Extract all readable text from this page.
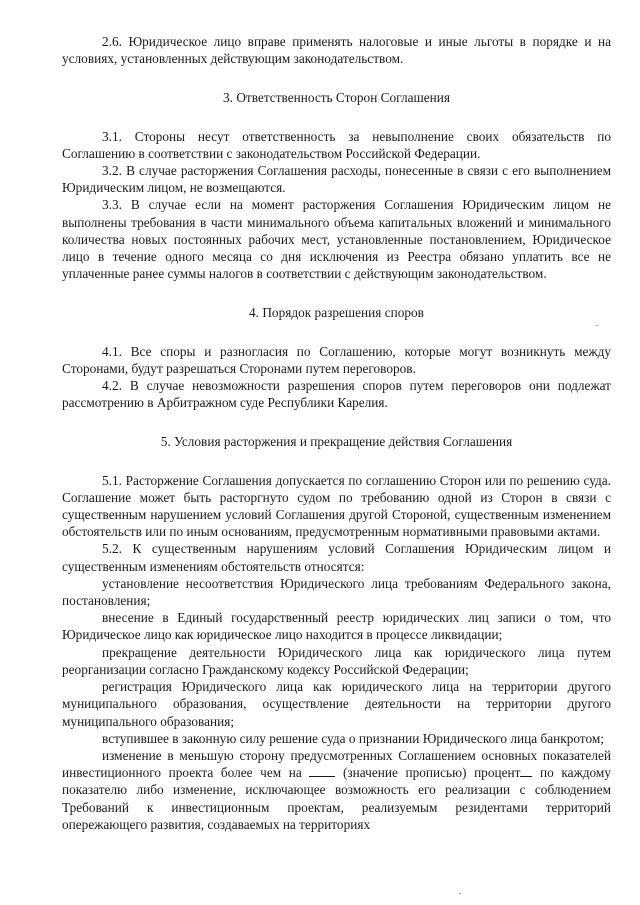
2.6. Юридическое лицо вправе применять налоговые и иные льготы в порядке и на условиях, установленных действующим законодательством.

3. Ответственность Сторон Соглашения

3.1. Стороны несут ответственность за невыполнение своих обязательств по Соглашению в соответствии с законодательством Российской Федерации.

3.2. В случае расторжения Соглашения расходы, понесенные в связи с его выполнением Юридическим лицом, не возмещаются.

3.3. В случае если на момент расторжения Соглашения Юридическим лицом не выполнены требования в части минимального объема капитальных вложений и минимального количества новых постоянных рабочих мест, установленные постановлением, Юридическое лицо в течение одного месяца со дня исключения из Реестра обязано уплатить все не уплаченные ранее суммы налогов в соответствии с действующим законодательством.

4. Порядок разрешения споров

4.1. Все споры и разногласия по Соглашению, которые могут возникнуть между Сторонами, будут разрешаться Сторонами путем переговоров.

4.2. В случае невозможности разрешения споров путем переговоров они подлежат рассмотрению в Арбитражном суде Республики Карелия.

5. Условия расторжения и прекращение действия Соглашения

5.1. Расторжение Соглашения допускается по соглашению Сторон или по решению суда. Соглашение может быть расторгнуто судом по требованию одной из Сторон в связи с существенным нарушением условий Соглашения другой Стороной, существенным изменением обстоятельств или по иным основаниям, предусмотренным нормативными правовыми актами.

5.2. К существенным нарушениям условий Соглашения Юридическим лицом и существенным изменениям обстоятельств относятся:

установление несоответствия Юридического лица требованиям Федерального закона, постановления;

внесение в Единый государственный реестр юридических лиц записи о том, что Юридическое лицо как юридическое лицо находится в процессе ликвидации;

прекращение деятельности Юридического лица как юридического лица путем реорганизации согласно Гражданскому кодексу Российской Федерации;

регистрация Юридического лица как юридического лица на территории другого муниципального образования, осуществление деятельности на территории другого муниципального образования;

вступившее в законную силу решение суда о признании Юридического лица банкротом;

изменение в меньшую сторону предусмотренных Соглашением основных показателей инвестиционного проекта более чем на	(значение прописью) процент по каждому показателю либо изменение, исключающее возможность его реализации с соблюдением Требований к инвестиционным проектам, реализуемым резидентами территорий опережающего развития, создаваемых на территориях
